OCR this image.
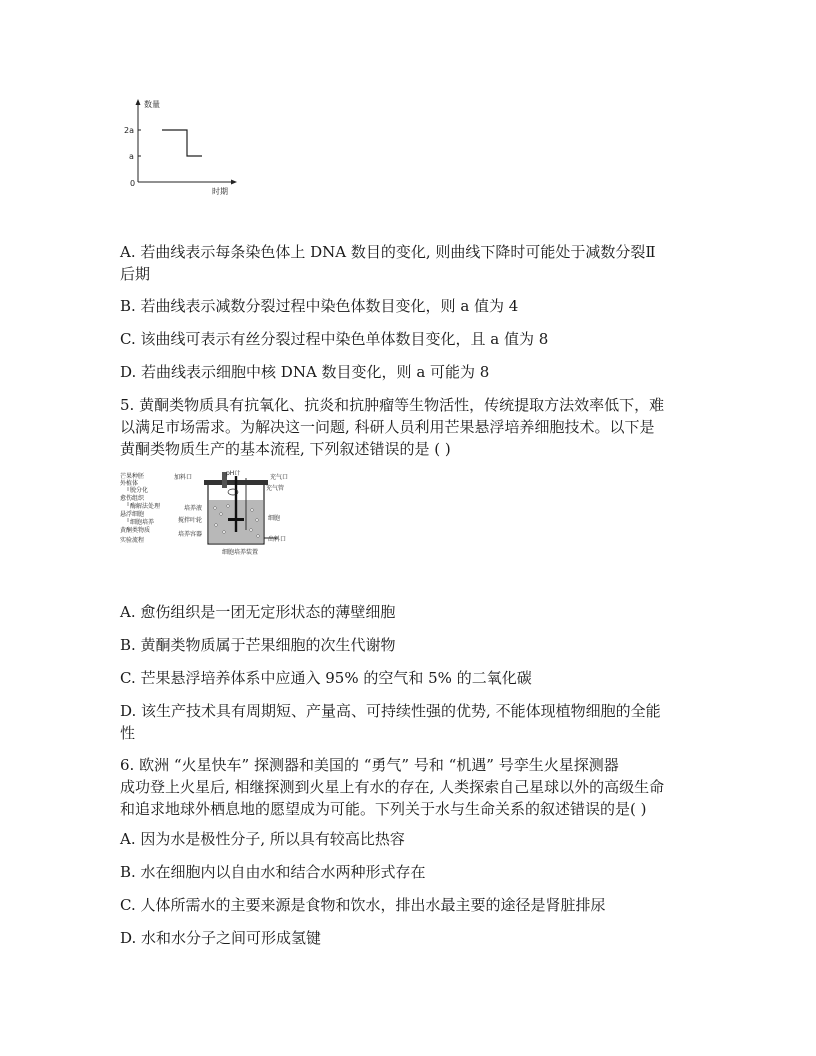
数量
时期
2a
a
0
A. 若曲线表示每条染色体上 DNA 数目的变化, 则曲线下降时可能处于减数分裂Ⅱ
后期
B. 若曲线表示减数分裂过程中染色体数目变化，则 a 值为 4
C. 该曲线可表示有丝分裂过程中染色单体数目变化，且 a 值为 8
D. 若曲线表示细胞中核 DNA 数目变化，则 a 可能为 8
5. 黄酮类物质具有抗氧化、抗炎和抗肿瘤等生物活性，传统提取方法效率低下，难
以满足市场需求。为解决这一问题, 科研人员利用芒果悬浮培养细胞技术。以下是
黄酮类物质生产的基本流程, 下列叙述错误的是 ( )
芒果种胚
外植体
脱分化
愈伤组织
酶解法处理
悬浮细胞
细胞培养
黄酮类物质
实验流程
加料口
pH计
充气口
充气管
培养液
细胞
搅拌叶轮
培养容器
出料口
细胞培养装置
A. 愈伤组织是一团无定形状态的薄壁细胞
B. 黄酮类物质属于芒果细胞的次生代谢物
C. 芒果悬浮培养体系中应通入 95% 的空气和 5% 的二氧化碳
D. 该生产技术具有周期短、产量高、可持续性强的优势, 不能体现植物细胞的全能
性
6. 欧洲 “火星快车” 探测器和美国的 “勇气” 号和 “机遇” 号孪生火星探测器
成功登上火星后, 相继探测到火星上有水的存在, 人类探索自己星球以外的高级生命
和追求地球外栖息地的愿望成为可能。下列关于水与生命关系的叙述错误的是( )
A. 因为水是极性分子, 所以具有较高比热容
B. 水在细胞内以自由水和结合水两种形式存在
C. 人体所需水的主要来源是食物和饮水，排出水最主要的途径是肾脏排尿
D. 水和水分子之间可形成氢键
